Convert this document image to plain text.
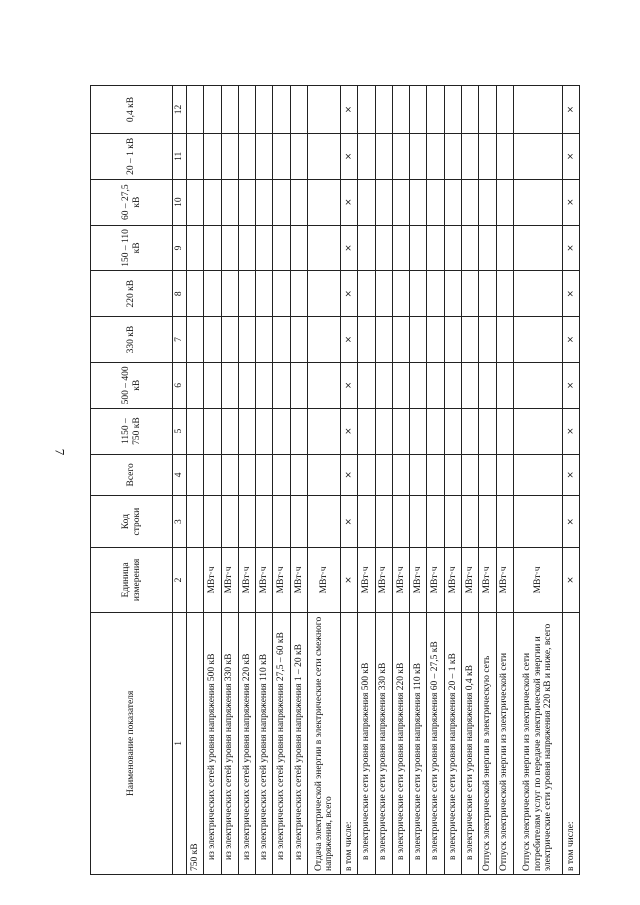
7
Наименование показателя	Единица измерения	Код строки	Всего	1150 – 750 кВ	500 – 400 кВ	330 кВ	220 кВ	150 – 110 кВ	60 – 27,5 кВ	20 – 1 кВ	0,4 кВ
1	2	3	4	5	6	7	8	9	10	11	12
750 кВ											
из электрических сетей уровня напряжения 500 кВ	МВт·ч										
из электрических сетей уровня напряжения 330 кВ	МВт·ч										
из электрических сетей уровня напряжения 220 кВ	МВт·ч										
из электрических сетей уровня напряжения 110 кВ	МВт·ч										
из электрических сетей уровня напряжения 27,5 – 60 кВ	МВт·ч										
из электрических сетей уровня напряжения 1 – 20 кВ	МВт·ч										
Отдача электрической энергии в электрические сети смежного напряжения, всего	МВт·ч										
в том числе:	×	×	×	×	×	×	×	×	×	×	×
в электрические сети уровня напряжения 500 кВ	МВт·ч										
в электрические сети уровня напряжения 330 кВ	МВт·ч										
в электрические сети уровня напряжения 220 кВ	МВт·ч										
в электрические сети уровня напряжения 110 кВ	МВт·ч										
в электрические сети уровня напряжения 60 – 27,5 кВ	МВт·ч										
в электрические сети уровня напряжения 20 – 1 кВ	МВт·ч										
в электрические сети уровня напряжения 0,4 кВ	МВт·ч										
Отпуск электрической энергии в электрическую сеть	МВт·ч										
Отпуск электрической энергии из электрической сети	МВт·ч										
Отпуск электрической энергии из электрической сети потребителям услуг по передаче электрической энергии и электрические сети уровня напряжения 220 кВ и ниже, всего	МВт·ч										
в том числе:	×	×	×	×	×	×	×	×	×	×	×
